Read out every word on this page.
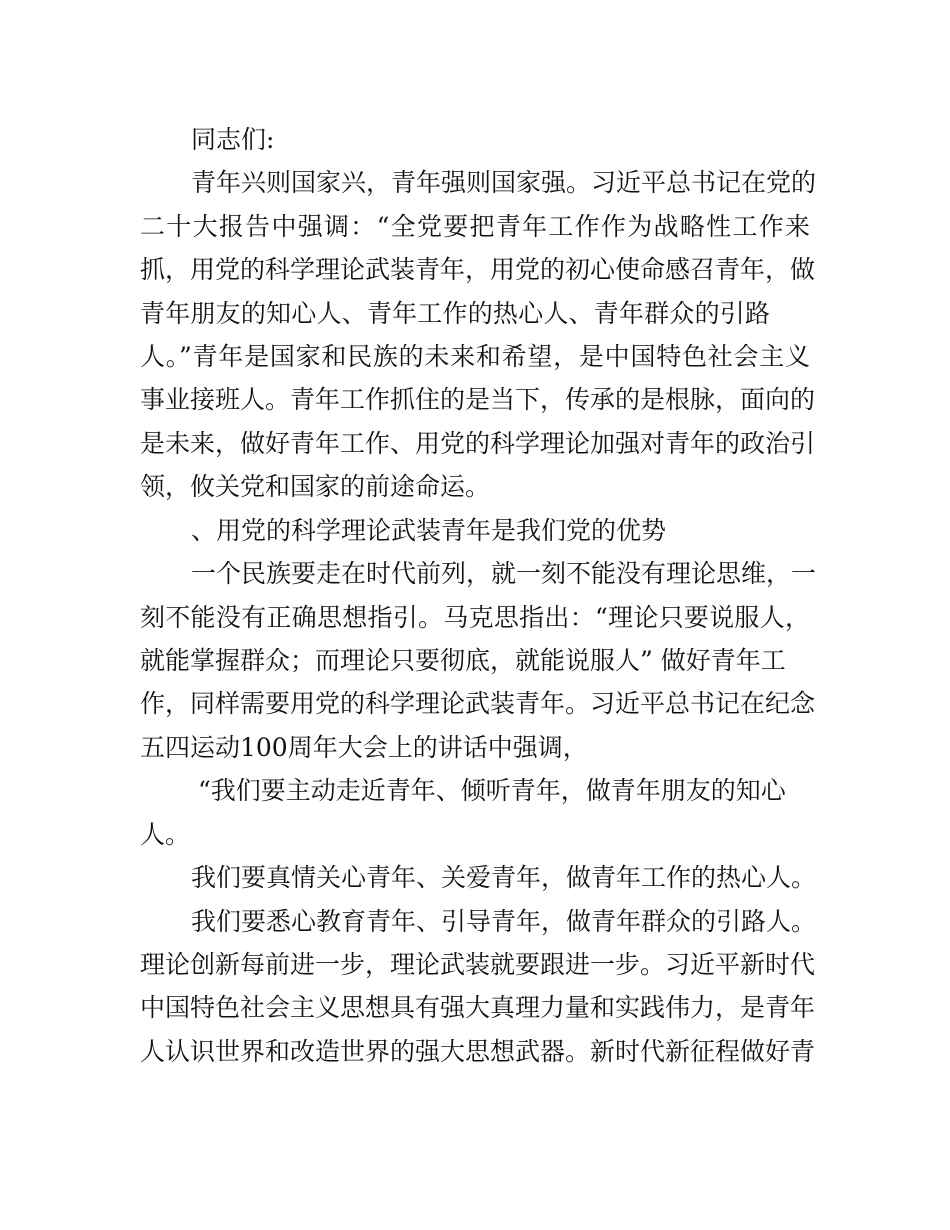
同志们:
青年兴则国家兴，青年强则国家强。习近平总书记在党的
二十大报告中强调：“全党要把青年工作作为战略性工作来
抓，用党的科学理论武装青年，用党的初心使命感召青年，做
青年朋友的知心人、青年工作的热心人、青年群众的引路
人。”青年是国家和民族的未来和希望，是中国特色社会主义
事业接班人。青年工作抓住的是当下，传承的是根脉，面向的
是未来，做好青年工作、用党的科学理论加强对青年的政治引
领，攸关党和国家的前途命运。
、用党的科学理论武装青年是我们党的优势
一个民族要走在时代前列，就一刻不能没有理论思维，一
刻不能没有正确思想指引。马克思指出：“理论只要说服人，
就能掌握群众；而理论只要彻底，就能说服人” 做好青年工
作，同样需要用党的科学理论武装青年。习近平总书记在纪念
五四运动100周年大会上的讲话中强调，
“我们要主动走近青年、倾听青年，做青年朋友的知心
人。
我们要真情关心青年、关爱青年，做青年工作的热心人。
我们要悉心教育青年、引导青年，做青年群众的引路人。
理论创新每前进一步，理论武装就要跟进一步。习近平新时代
中国特色社会主义思想具有强大真理力量和实践伟力，是青年
人认识世界和改造世界的强大思想武器。新时代新征程做好青
